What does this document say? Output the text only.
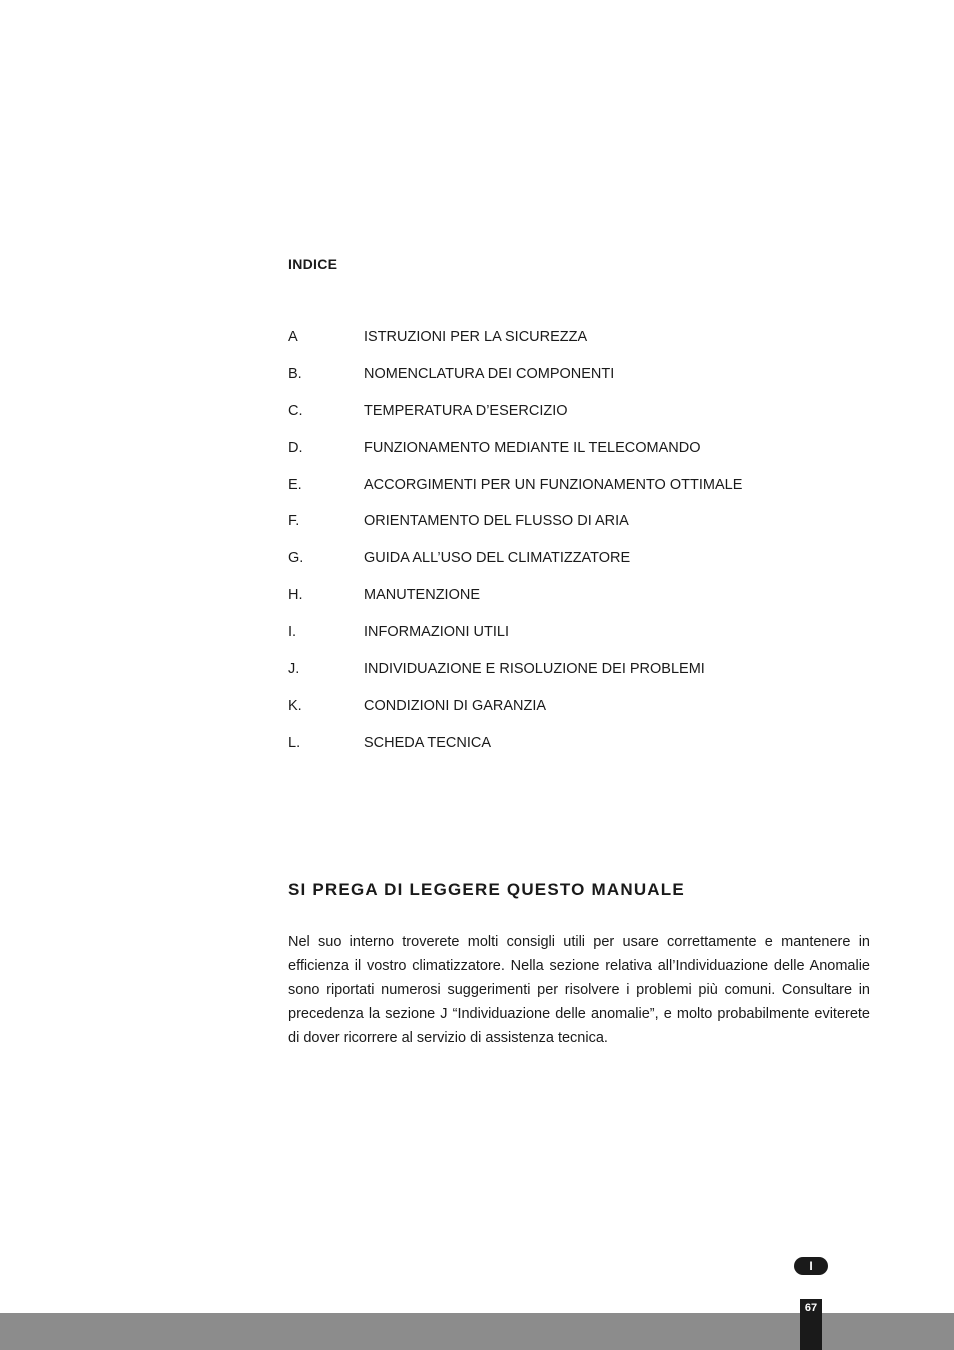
INDICE
A	ISTRUZIONI PER LA SICUREZZA
B.	NOMENCLATURA DEI COMPONENTI
C.	TEMPERATURA D’ESERCIZIO
D.	FUNZIONAMENTO MEDIANTE IL TELECOMANDO
E.	ACCORGIMENTI PER UN FUNZIONAMENTO OTTIMALE
F.	ORIENTAMENTO DEL FLUSSO DI ARIA
G.	GUIDA ALL’USO DEL CLIMATIZZATORE
H.	MANUTENZIONE
I.	INFORMAZIONI UTILI
J.	INDIVIDUAZIONE E RISOLUZIONE DEI PROBLEMI
K.	CONDIZIONI DI GARANZIA
L.	SCHEDA TECNICA
SI PREGA DI LEGGERE QUESTO MANUALE

Nel suo interno troverete molti consigli utili per usare correttamente e mantenere in efficienza il vostro climatizzatore. Nella sezione relativa all’Individuazione delle Anomalie sono riportati numerosi suggerimenti per risolvere i problemi più comuni. Consultare in precedenza la sezione J “Individuazione delle anomalie”, e molto probabilmente eviterete di dover ricorrere al servizio di assistenza tecnica.

I
67
